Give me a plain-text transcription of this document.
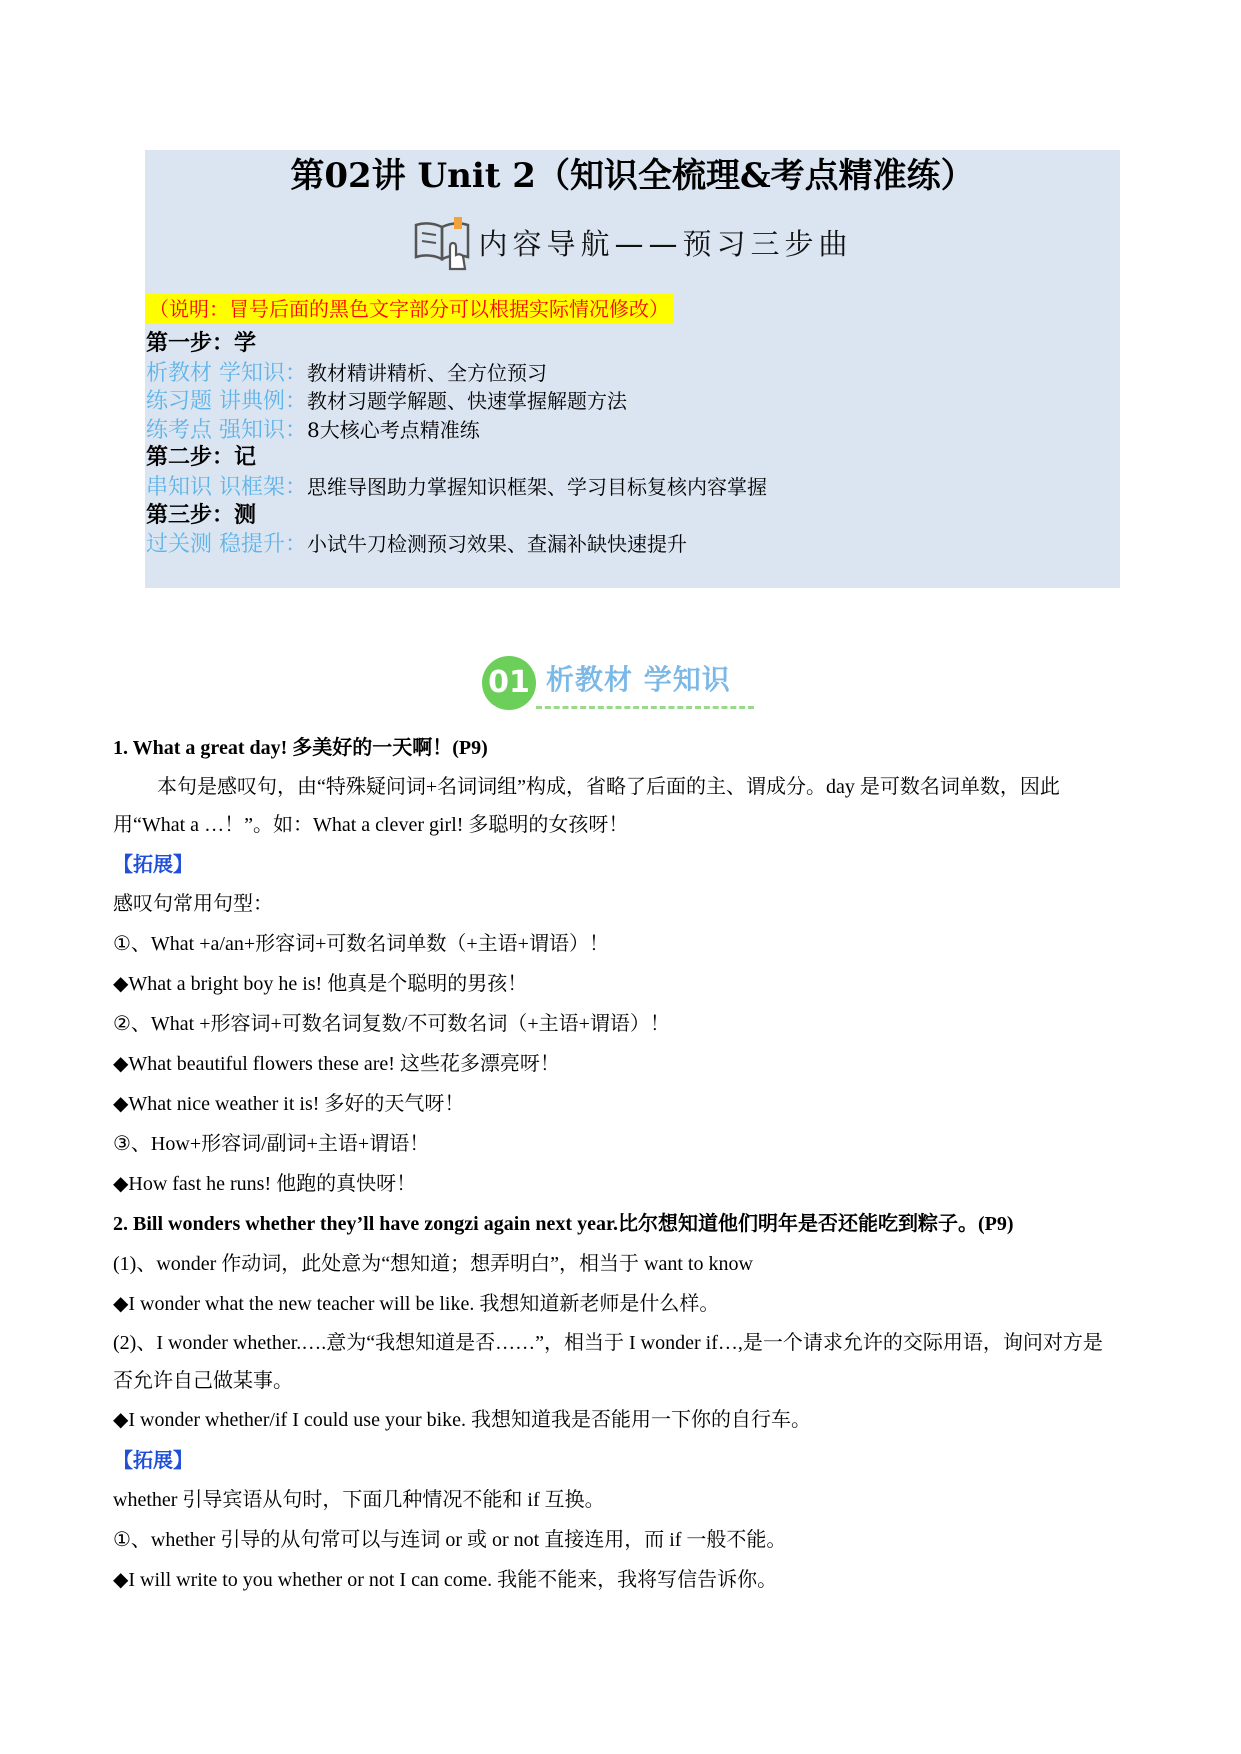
第02讲 Unit 2（知识全梳理&考点精准练）
内容导航——预习三步曲
（说明：冒号后面的黑色文字部分可以根据实际情况修改）
第一步：学
析教材 学知识：教材精讲精析、全方位预习
练习题 讲典例：教材习题学解题、快速掌握解题方法
练考点 强知识：8大核心考点精准练
第二步：记
串知识 识框架：思维导图助力掌握知识框架、学习目标复核内容掌握
第三步：测
过关测 稳提升：小试牛刀检测预习效果、查漏补缺快速提升
01 析教材 学知识

1. What a great day! 多美好的一天啊！(P9)

本句是感叹句，由“特殊疑问词+名词词组”构成，省略了后面的主、谓成分。day 是可数名词单数，因此用“What a …！”。如：What a clever girl! 多聪明的女孩呀！

【拓展】

感叹句常用句型：

①、What +a/an+形容词+可数名词单数（+主语+谓语）！

◆What a bright boy he is! 他真是个聪明的男孩！

②、What +形容词+可数名词复数/不可数名词（+主语+谓语）！

◆What beautiful flowers these are! 这些花多漂亮呀！

◆What nice weather it is! 多好的天气呀！

③、How+形容词/副词+主语+谓语！

◆How fast he runs! 他跑的真快呀！

2. Bill wonders whether they’ll have zongzi again next year.比尔想知道他们明年是否还能吃到粽子。(P9)

(1)、wonder 作动词，此处意为“想知道；想弄明白”，相当于 want to know

◆I wonder what the new teacher will be like. 我想知道新老师是什么样。

(2)、I wonder whether.….意为“我想知道是否……”，相当于 I wonder if…,是一个请求允许的交际用语，询问对方是否允许自己做某事。

◆I wonder whether/if I could use your bike. 我想知道我是否能用一下你的自行车。

【拓展】

whether 引导宾语从句时，下面几种情况不能和 if 互换。

①、whether 引导的从句常可以与连词 or 或 or not 直接连用，而 if 一般不能。

◆I will write to you whether or not I can come. 我能不能来，我将写信告诉你。
